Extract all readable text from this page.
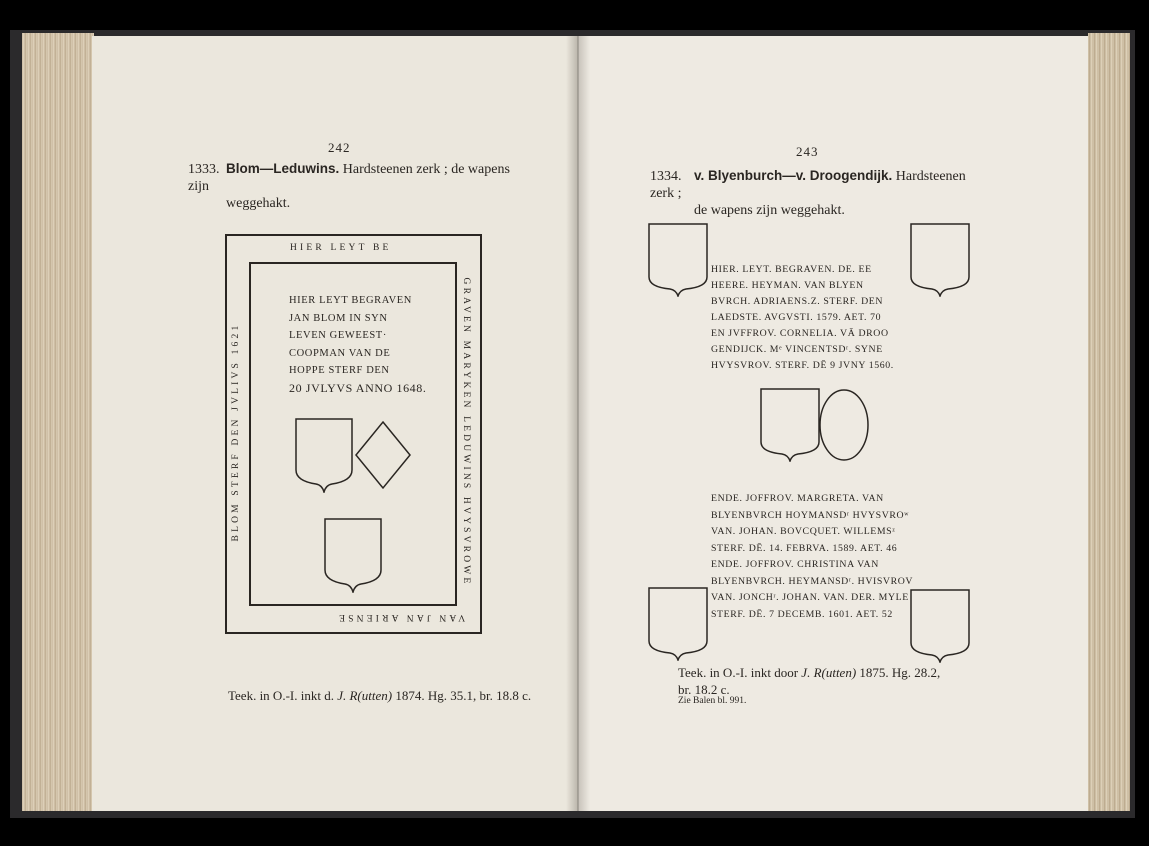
242
1333. Blom—Leduwins. Hardsteenen zerk ; de wapens zijn
weggehakt.
HIER LEYT BE
GRAVEN MARYKEN LEDUWINS HVYSVROWE
VAN JAN ARIENSE
BLOM STERF DEN JVLIVS 1621
HIER LEYT BEGRAVEN
JAN BLOM IN SYN
LEVEN GEWEEST·
COOPMAN VAN DE
HOPPE STERF DEN
20 JVLYVS ANNO 1648.
Teek. in O.-I. inkt d. J. R(utten) 1874. Hg. 35.1, br. 18.8 c.
243
1334. v. Blyenburch—v. Droogendijk. Hardsteenen zerk ;
de wapens zijn weggehakt.
HIER. LEYT. BEGRAVEN. DE. EE
HEERE. HEYMAN. VAN BLYEN
BVRCH. ADRIAENS.Z. STERF. DEN
LAEDSTE. AVGVSTI. 1579. AET. 70
EN JVFFROV. CORNELIA. VĀ DROO
GENDIJCK. Mᵉ VINCENTSDʳ. SYNE
HVYSVROV. STERF. DĒ 9 JVNY 1560.
ENDE. JOFFROV. MARGRETA. VAN
BLYENBVRCH HOYMANSDʳ HVYSVROʷ
VAN. JOHAN. BOVCQUET. WILLEMSᶻ
STERF. DĒ. 14. FEBRVA. 1589. AET. 46
ENDE. JOFFROV. CHRISTINA VAN
BLYENBVRCH. HEYMANSDʳ. HVISVROV
VAN. JONCHʳ. JOHAN. VAN. DER. MYLE
STERF. DĒ. 7 DECEMB. 1601. AET. 52
Teek. in O.-I. inkt door J. R(utten) 1875. Hg. 28.2,
br. 18.2 c.
Zie Balen bl. 991.
